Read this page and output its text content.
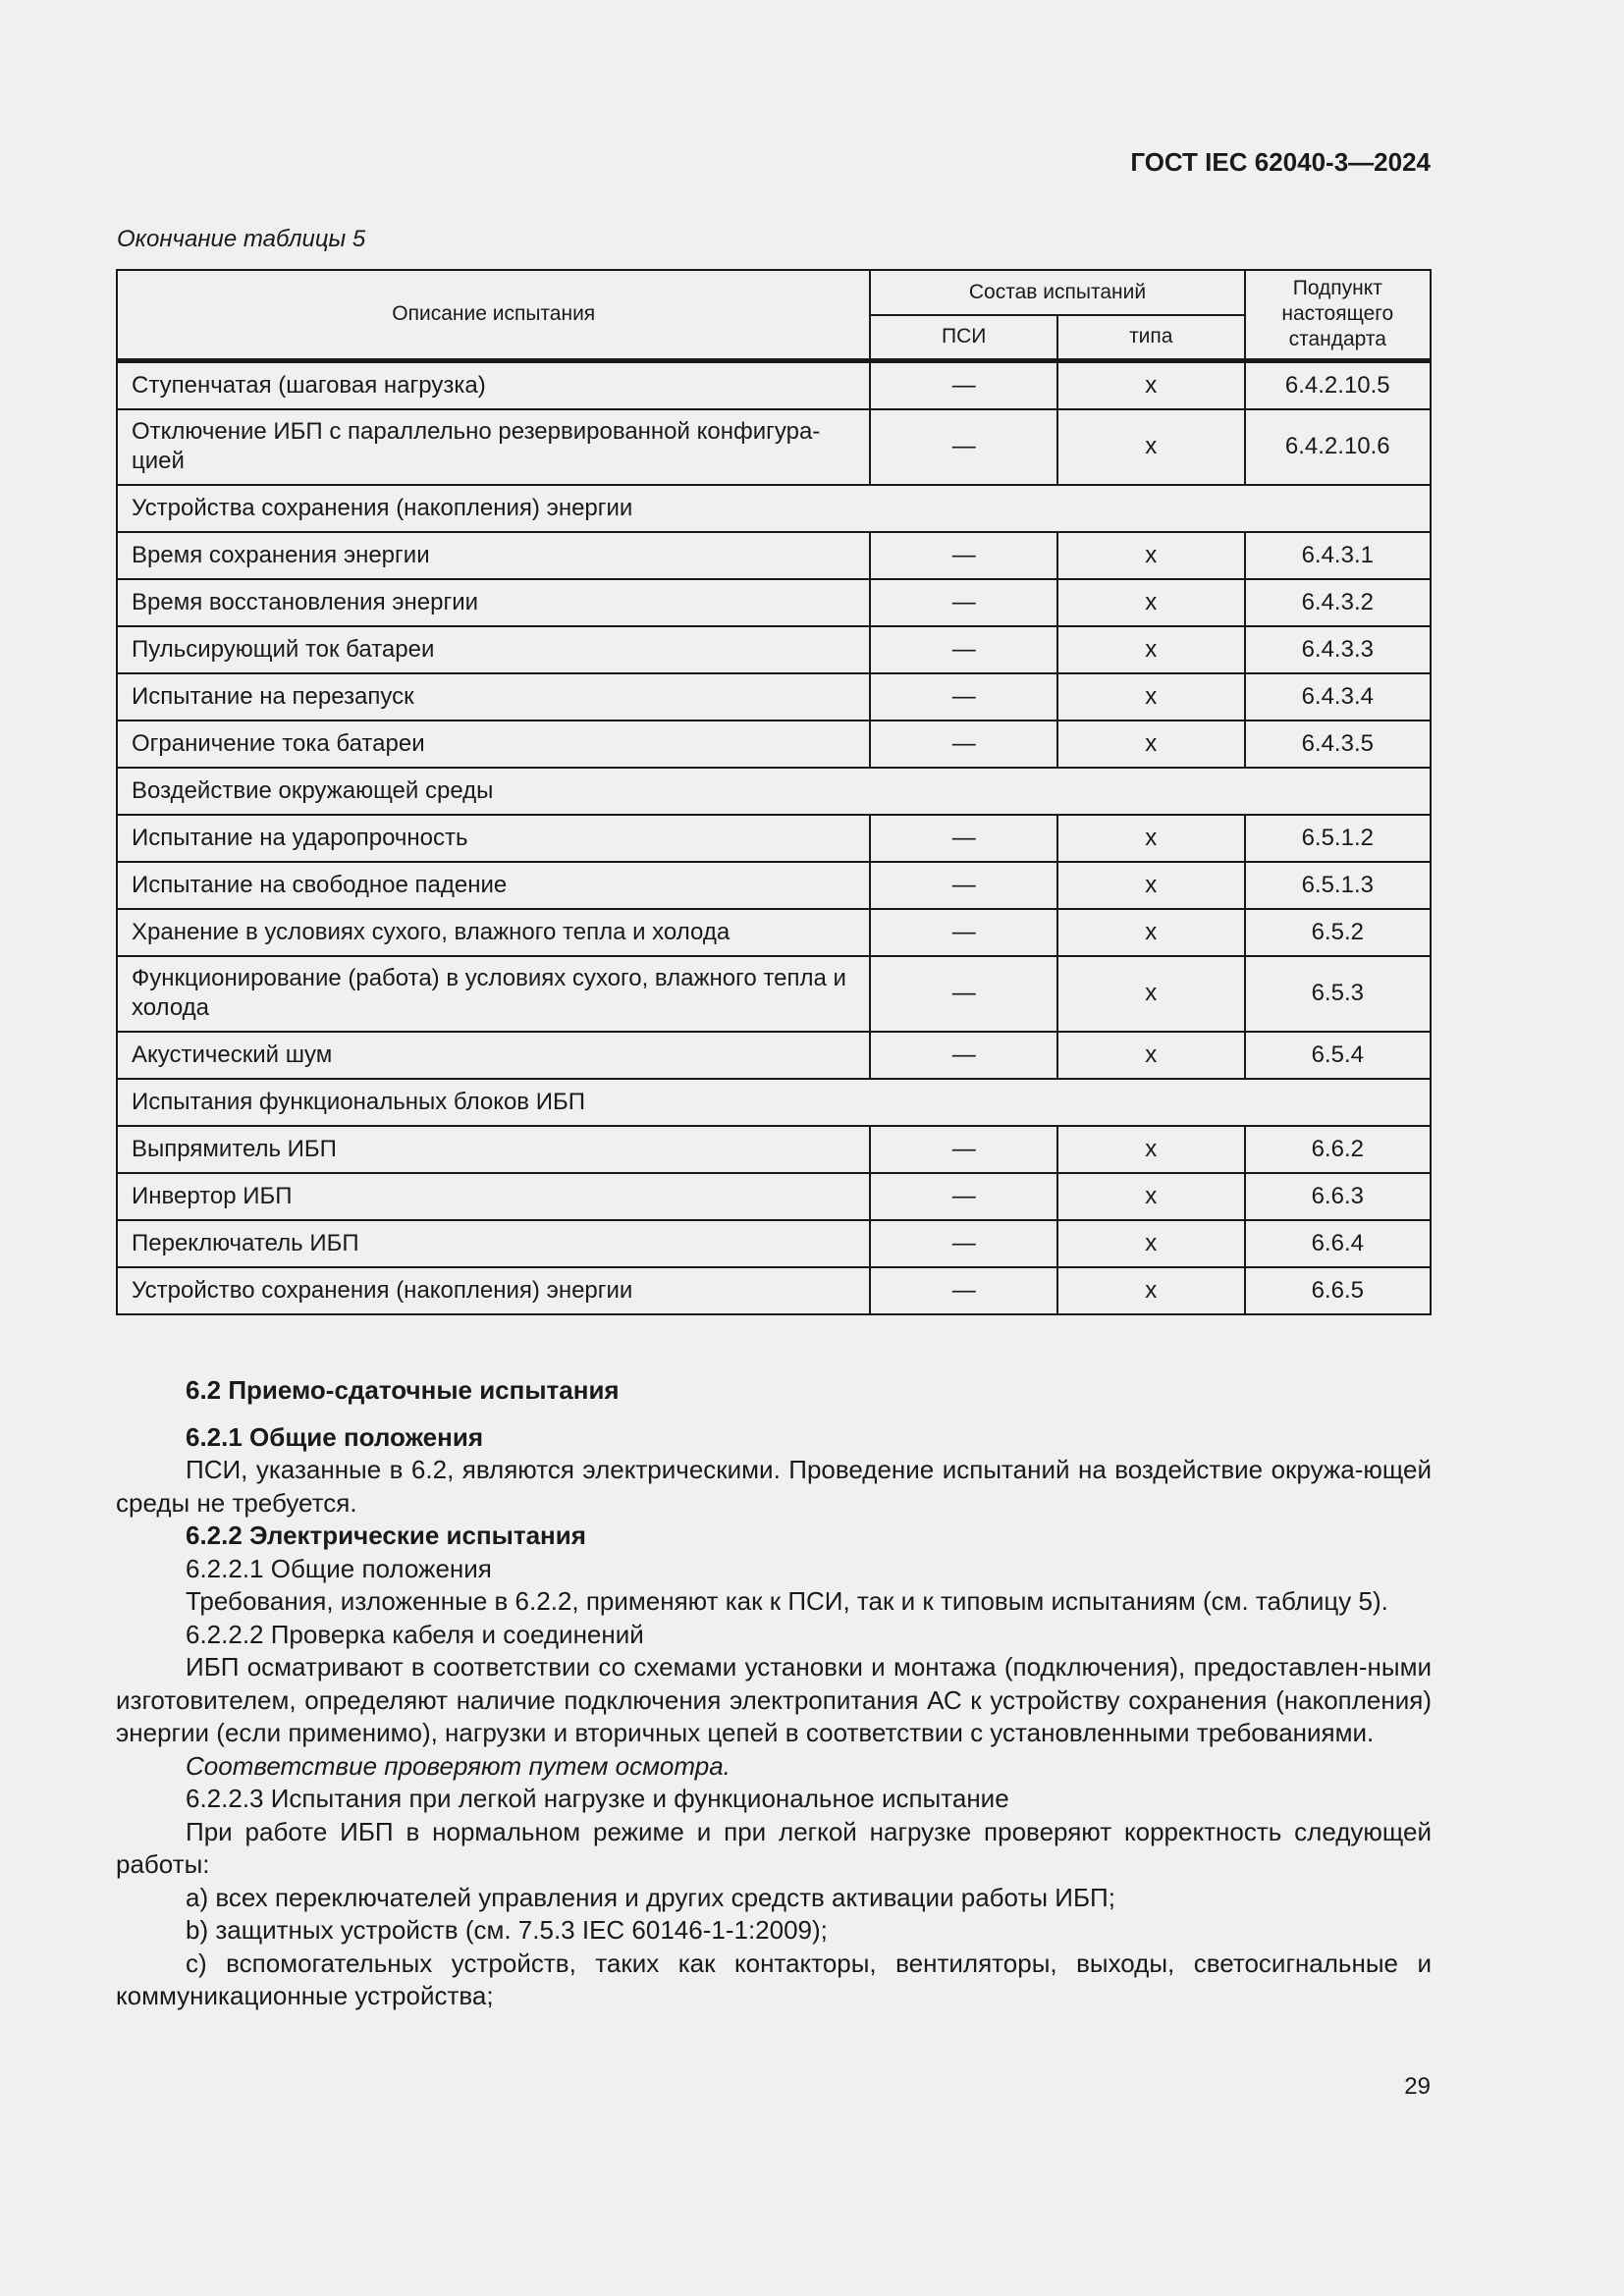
ГОСТ IEC 62040-3—2024
Окончание таблицы 5
Описание испытания	Состав испытаний		Подпункт настоящего стандарта
	ПСИ	типа	
Ступенчатая (шаговая нагрузка)	—	x	6.4.2.10.5
Отключение ИБП с параллельно резервированной конфигура-цией	—	x	6.4.2.10.6
Устройства сохранения (накопления) энергии			
Время сохранения энергии	—	x	6.4.3.1
Время восстановления энергии	—	x	6.4.3.2
Пульсирующий ток батареи	—	x	6.4.3.3
Испытание на перезапуск	—	x	6.4.3.4
Ограничение тока батареи	—	x	6.4.3.5
Воздействие окружающей среды			
Испытание на ударопрочность	—	x	6.5.1.2
Испытание на свободное падение	—	x	6.5.1.3
Хранение в условиях сухого, влажного тепла и холода	—	x	6.5.2
Функционирование (работа) в условиях сухого, влажного тепла и холода	—	x	6.5.3
Акустический шум	—	x	6.5.4
Испытания функциональных блоков ИБП			
Выпрямитель ИБП	—	x	6.6.2
Инвертор ИБП	—	x	6.6.3
Переключатель ИБП	—	x	6.6.4
Устройство сохранения (накопления) энергии	—	x	6.6.5

6.2 Приемо-сдаточные испытания

6.2.1 Общие положения

ПСИ, указанные в 6.2, являются электрическими. Проведение испытаний на воздействие окружа-ющей среды не требуется.

6.2.2 Электрические испытания

6.2.2.1 Общие положения

Требования, изложенные в 6.2.2, применяют как к ПСИ, так и к типовым испытаниям (см. таблицу 5).

6.2.2.2 Проверка кабеля и соединений

ИБП осматривают в соответствии со схемами установки и монтажа (подключения), предоставлен-ными изготовителем, определяют наличие подключения электропитания АС к устройству сохранения (накопления) энергии (если применимо), нагрузки и вторичных цепей в соответствии с установленными требованиями.

Соответствие проверяют путем осмотра.

6.2.2.3 Испытания при легкой нагрузке и функциональное испытание

При работе ИБП в нормальном режиме и при легкой нагрузке проверяют корректность следующей работы:

a) всех переключателей управления и других средств активации работы ИБП;

b) защитных устройств (см. 7.5.3 IEC 60146-1-1:2009);

c) вспомогательных устройств, таких как контакторы, вентиляторы, выходы, светосигнальные и коммуникационные устройства;

29
